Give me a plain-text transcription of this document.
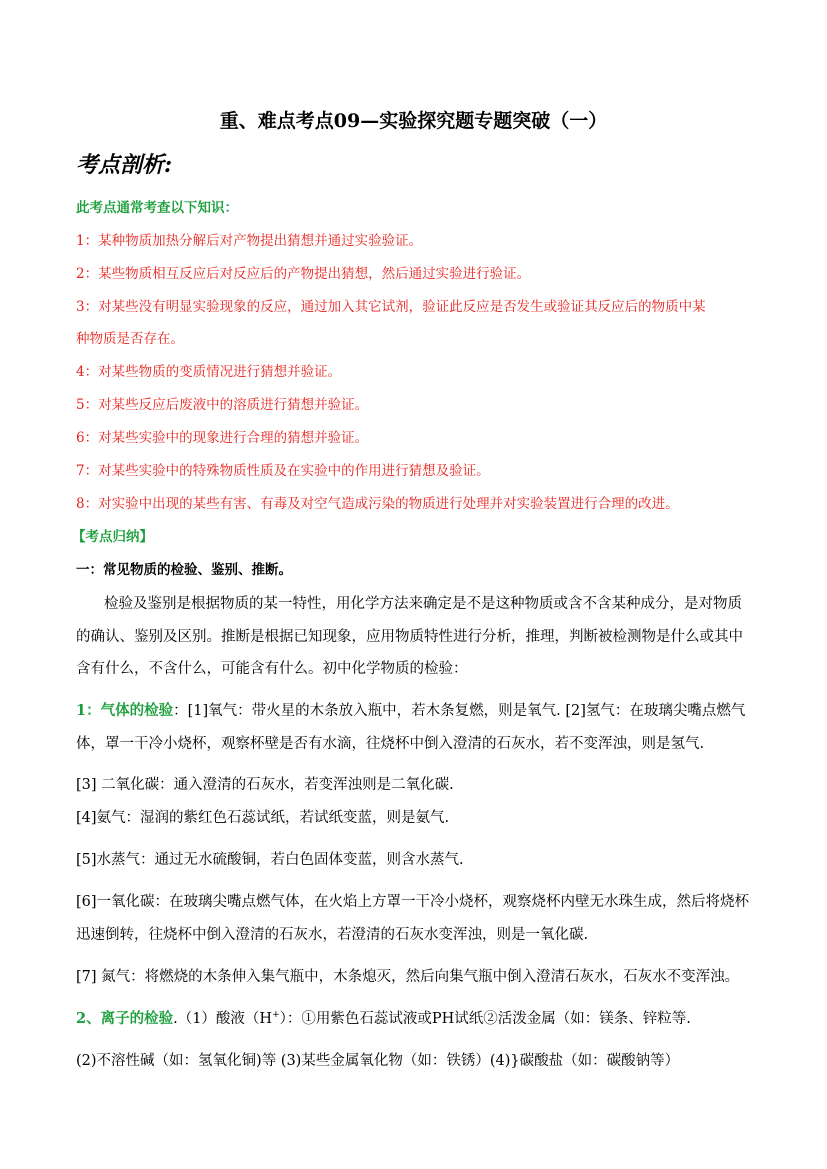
重、难点考点09—实验探究题专题突破（一）
考点剖析:
此考点通常考查以下知识：
1：某种物质加热分解后对产物提出猜想并通过实验验证。
2：某些物质相互反应后对反应后的产物提出猜想，然后通过实验进行验证。
3：对某些没有明显实验现象的反应，通过加入其它试剂，验证此反应是否发生或验证其反应后的物质中某
种物质是否存在。
4：对某些物质的变质情况进行猜想并验证。
5：对某些反应后废液中的溶质进行猜想并验证。
6：对某些实验中的现象进行合理的猜想并验证。
7：对某些实验中的特殊物质性质及在实验中的作用进行猜想及验证。
8：对实验中出现的某些有害、有毒及对空气造成污染的物质进行处理并对实验装置进行合理的改进。
【考点归纳】
一：常见物质的检验、鉴别、推断。
检验及鉴别是根据物质的某一特性，用化学方法来确定是不是这种物质或含不含某种成分，是对物质
的确认、鉴别及区别。推断是根据已知现象，应用物质特性进行分析，推理，判断被检测物是什么或其中
含有什么，不含什么，可能含有什么。初中化学物质的检验：
1：气体的检验：[1]氧气：带火星的木条放入瓶中，若木条复燃，则是氧气. [2]氢气：在玻璃尖嘴点燃气
体，罩一干冷小烧杯，观察杯壁是否有水滴，往烧杯中倒入澄清的石灰水，若不变浑浊，则是氢气.
[3] 二氧化碳：通入澄清的石灰水，若变浑浊则是二氧化碳.
[4]氨气：湿润的紫红色石蕊试纸，若试纸变蓝，则是氨气.
[5]水蒸气：通过无水硫酸铜，若白色固体变蓝，则含水蒸气.
[6]一氧化碳：在玻璃尖嘴点燃气体，在火焰上方罩一干冷小烧杯，观察烧杯内壁无水珠生成，然后将烧杯
迅速倒转，往烧杯中倒入澄清的石灰水，若澄清的石灰水变浑浊，则是一氧化碳.
[7] 氮气：将燃烧的木条伸入集气瓶中，木条熄灭，然后向集气瓶中倒入澄清石灰水，石灰水不变浑浊。
2、离子的检验.（1）酸液（H+）：①用紫色石蕊试液或PH试纸②活泼金属（如：镁条、锌粒等.
(2)不溶性碱（如：氢氧化铜)等 (3)某些金属氧化物（如：铁锈）(4)}碳酸盐（如：碳酸钠等）
